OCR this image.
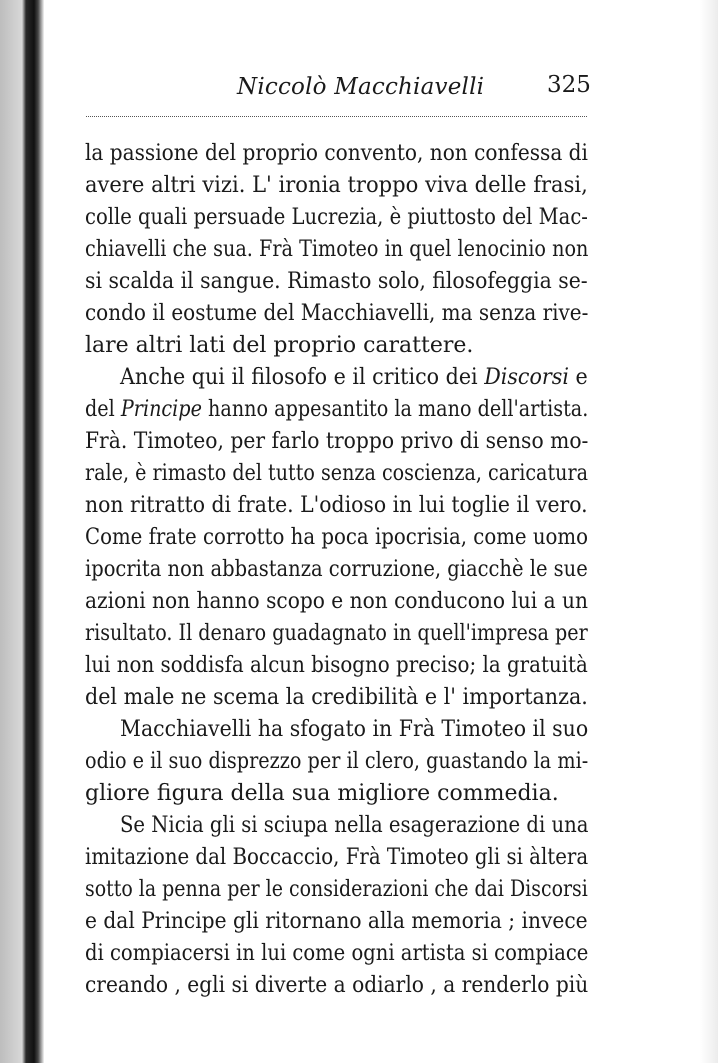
Niccolò Macchiavelli	325
la passione del proprio convento, non confessa di
avere altri vizi. L' ironia troppo viva delle frasi,
colle quali persuade Lucrezia, è piuttosto del Mac-
chiavelli che sua. Frà Timoteo in quel lenocinio non
si scalda il sangue. Rimasto solo, filosofeggia se-
condo il eostume del Macchiavelli, ma senza rive-
lare altri lati del proprio carattere.
Anche qui il filosofo e il critico dei Discorsi e
del Principe hanno appesantito la mano dell'artista.
Frà. Timoteo, per farlo troppo privo di senso mo-
rale, è rimasto del tutto senza coscienza, caricatura
non ritratto di frate. L'odioso in lui toglie il vero.
Come frate corrotto ha poca ipocrisia, come uomo
ipocrita non abbastanza corruzione, giacchè le sue
azioni non hanno scopo e non conducono lui a un
risultato. Il denaro guadagnato in quell'impresa per
lui non soddisfa alcun bisogno preciso; la gratuità
del male ne scema la credibilità e l' importanza.
Macchiavelli ha sfogato in Frà Timoteo il suo
odio e il suo disprezzo per il clero, guastando la mi-
gliore figura della sua migliore commedia.
Se Nicia gli si sciupa nella esagerazione di una
imitazione dal Boccaccio, Frà Timoteo gli si àltera
sotto la penna per le considerazioni che dai Discorsi
e dal Principe gli ritornano alla memoria ; invece
di compiacersi in lui come ogni artista si compiace
creando , egli si diverte a odiarlo , a renderlo più
